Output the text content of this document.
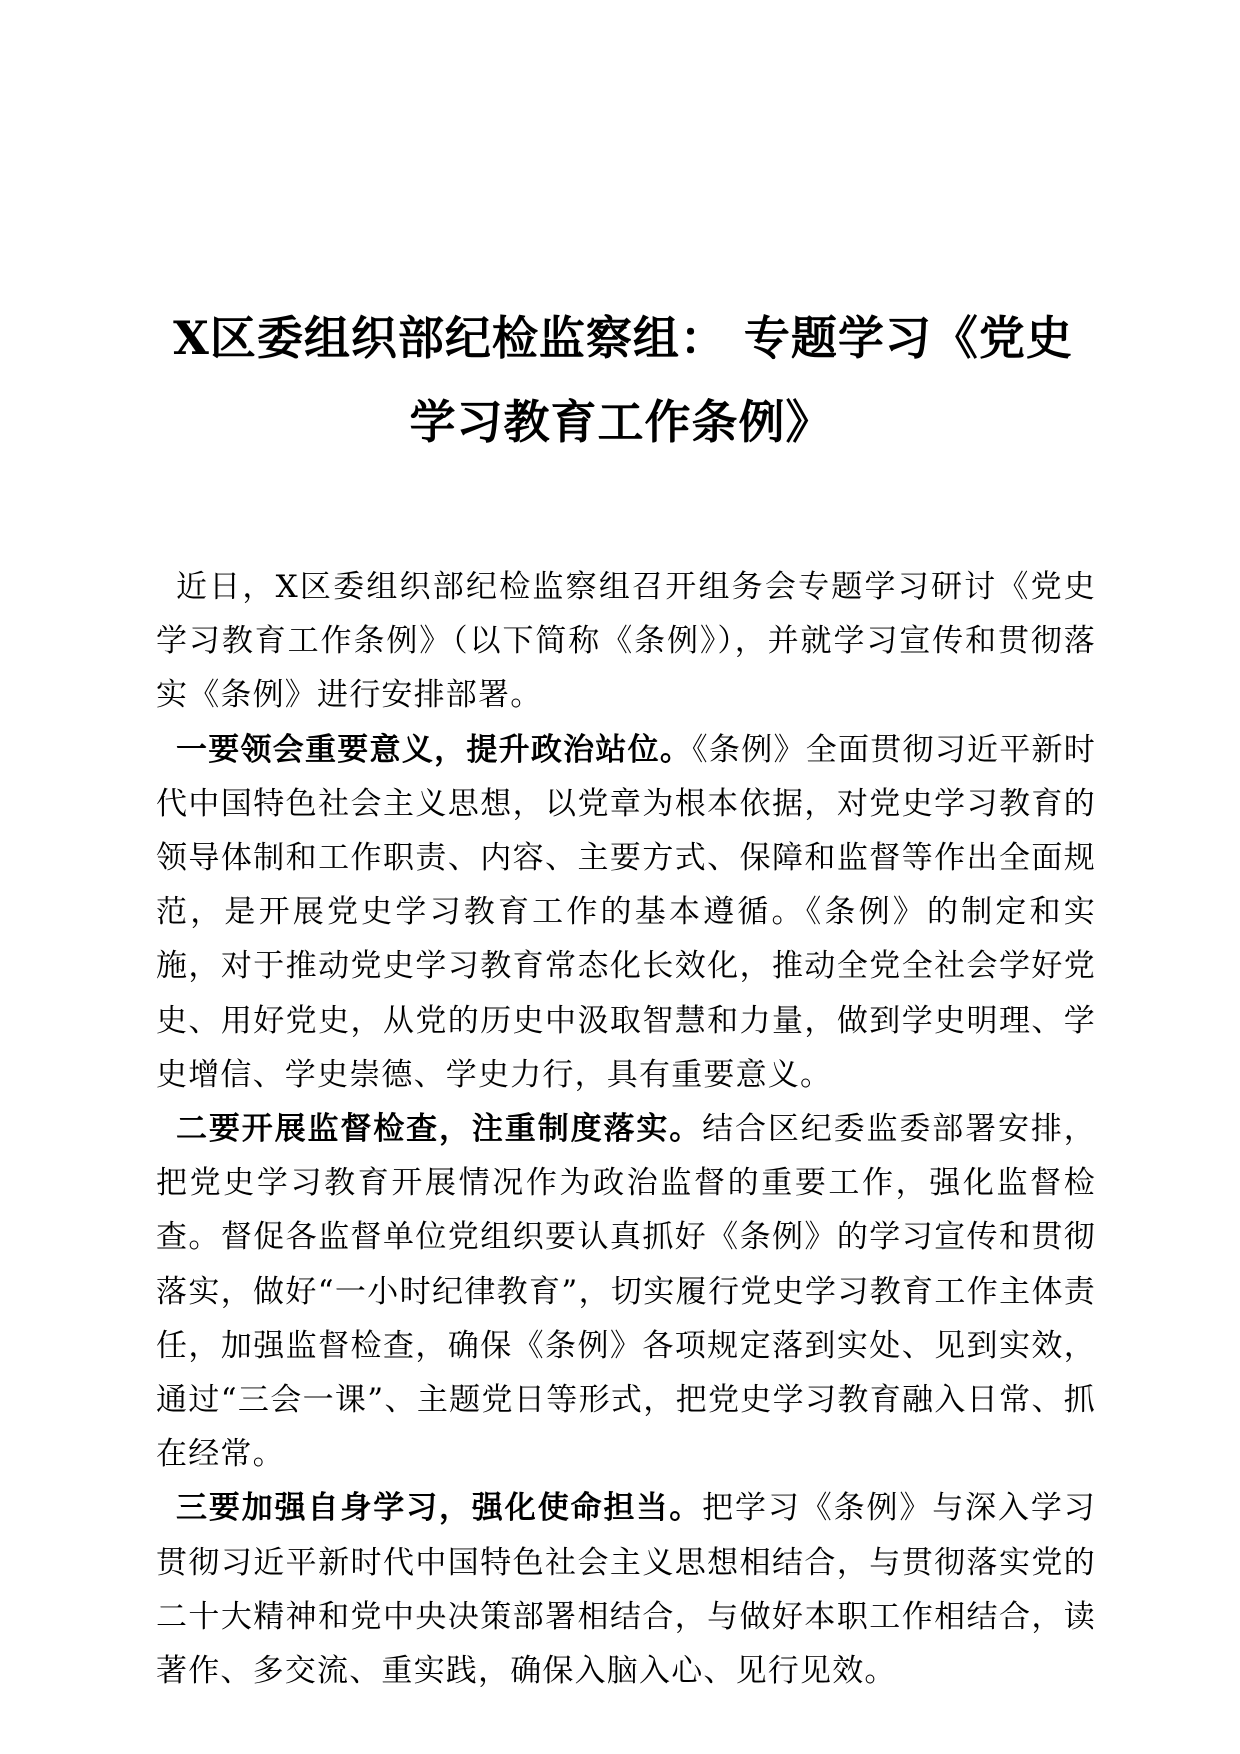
X区委组织部纪检监察组： 专题学习《党史
学习教育工作条例》

近日，X区委组织部纪检监察组召开组务会专题学习研讨《党史学习教育工作条例》（以下简称《条例》），并就学习宣传和贯彻落实《条例》进行安排部署。

一要领会重要意义，提升政治站位。《条例》全面贯彻习近平新时代中国特色社会主义思想，以党章为根本依据，对党史学习教育的领导体制和工作职责、内容、主要方式、保障和监督等作出全面规范，是开展党史学习教育工作的基本遵循。《条例》的制定和实施，对于推动党史学习教育常态化长效化，推动全党全社会学好党史、用好党史，从党的历史中汲取智慧和力量，做到学史明理、学史增信、学史崇德、学史力行，具有重要意义。

二要开展监督检查，注重制度落实。结合区纪委监委部署安排，把党史学习教育开展情况作为政治监督的重要工作，强化监督检查。督促各监督单位党组织要认真抓好《条例》的学习宣传和贯彻落实，做好“一小时纪律教育”，切实履行党史学习教育工作主体责任，加强监督检查，确保《条例》各项规定落到实处、见到实效，通过“三会一课”、主题党日等形式，把党史学习教育融入日常、抓在经常。

三要加强自身学习，强化使命担当。把学习《条例》与深入学习贯彻习近平新时代中国特色社会主义思想相结合，与贯彻落实党的二十大精神和党中央决策部署相结合，与做好本职工作相结合，读著作、多交流、重实践，确保入脑入心、见行见效。
